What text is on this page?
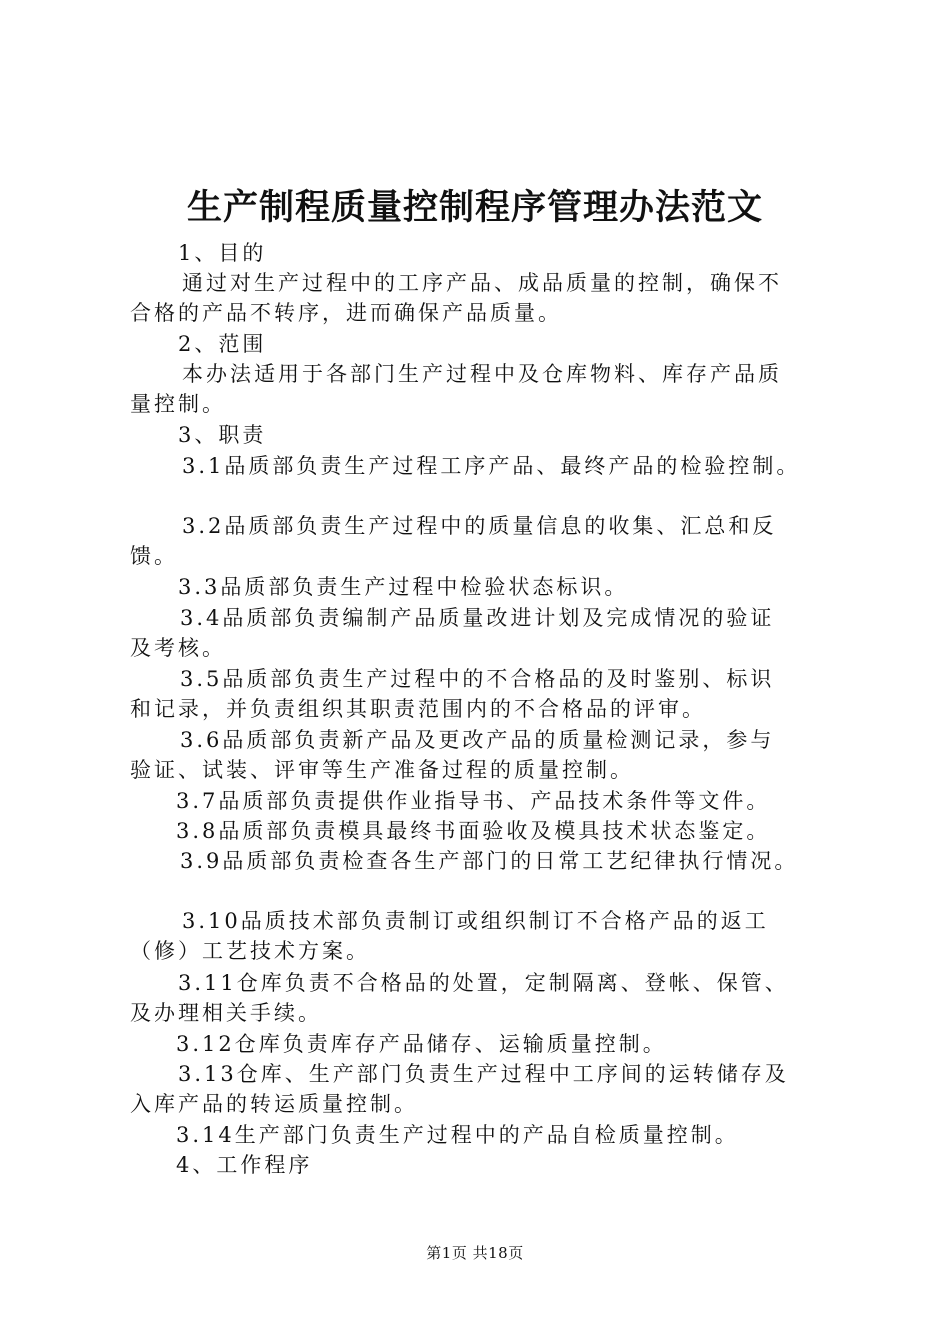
生产制程质量控制程序管理办法范文
1、目的
通过对生产过程中的工序产品、成品质量的控制，确保不
合格的产品不转序，进而确保产品质量。
2、范围
本办法适用于各部门生产过程中及仓库物料、库存产品质
量控制。
3、职责
3.1品质部负责生产过程工序产品、最终产品的检验控制。
3.2品质部负责生产过程中的质量信息的收集、汇总和反
馈。
3.3品质部负责生产过程中检验状态标识。
3.4品质部负责编制产品质量改进计划及完成情况的验证
及考核。
3.5品质部负责生产过程中的不合格品的及时鉴别、标识
和记录，并负责组织其职责范围内的不合格品的评审。
3.6品质部负责新产品及更改产品的质量检测记录，参与
验证、试装、评审等生产准备过程的质量控制。
3.7品质部负责提供作业指导书、产品技术条件等文件。
3.8品质部负责模具最终书面验收及模具技术状态鉴定。
3.9品质部负责检查各生产部门的日常工艺纪律执行情况。
3.10品质技术部负责制订或组织制订不合格产品的返工
（修）工艺技术方案。
3.11仓库负责不合格品的处置，定制隔离、登帐、保管、
及办理相关手续。
3.12仓库负责库存产品储存、运输质量控制。
3.13仓库、生产部门负责生产过程中工序间的运转储存及
入库产品的转运质量控制。
3.14生产部门负责生产过程中的产品自检质量控制。
4、工作程序
第1页 共18页
